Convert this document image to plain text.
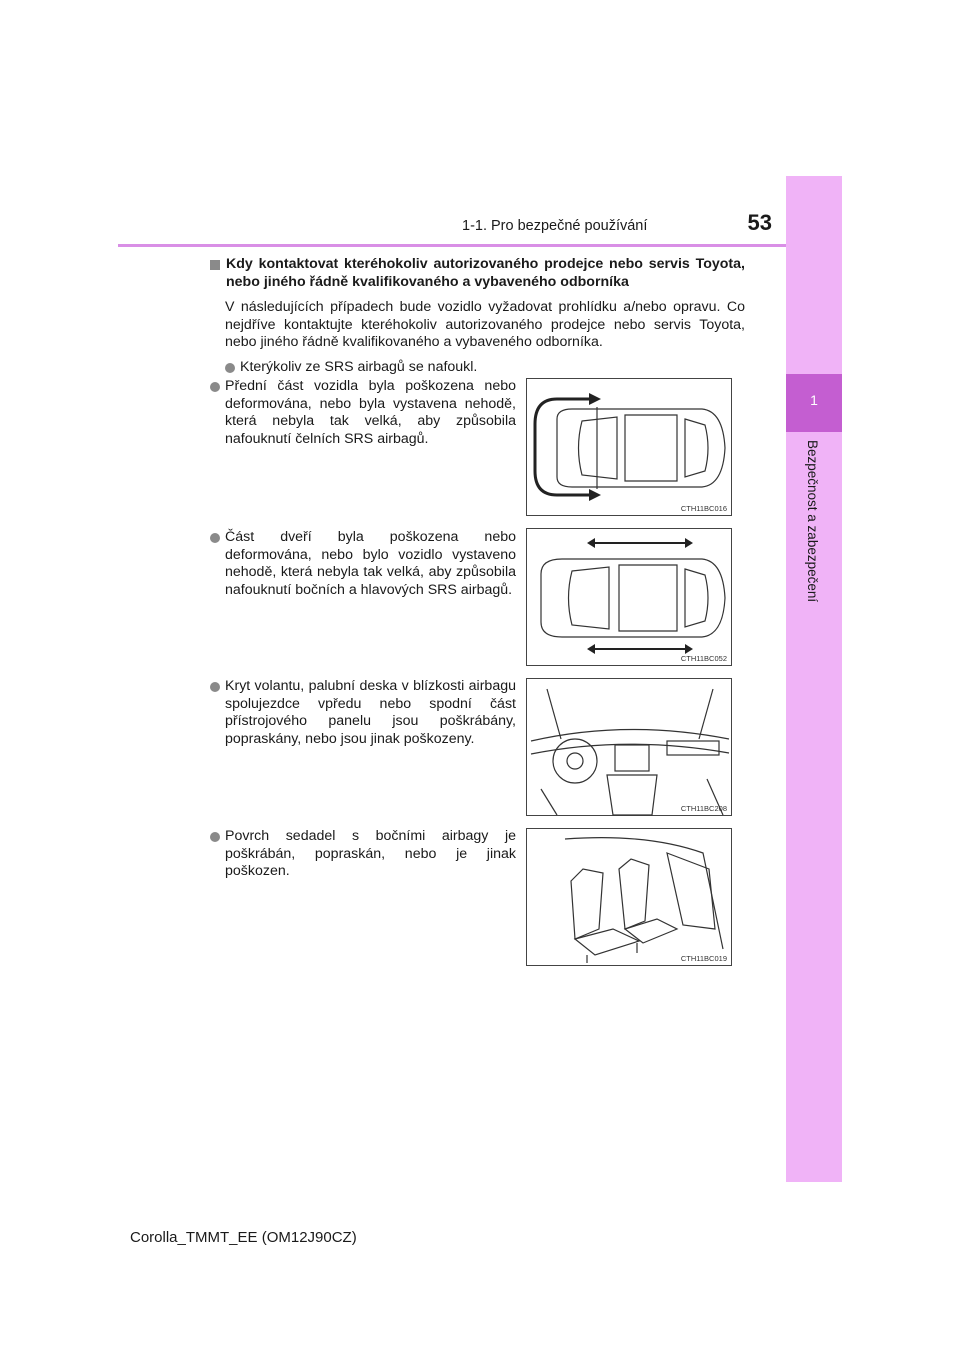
1-1. Pro bezpečné používání	53
1
Bezpečnost a zabezpečení
Kdy kontaktovat kteréhokoliv autorizovaného prodejce nebo servis Toyota, nebo jiného řádně kvalifikovaného a vybaveného odborníka
V následujících případech bude vozidlo vyžadovat prohlídku a/nebo opravu. Co nejdříve kontaktujte kteréhokoliv autorizovaného prodejce nebo servis Toyota, nebo jiného řádně kvalifikovaného a vybaveného odborníka.
Kterýkoliv ze SRS airbagů se nafoukl.
Přední část vozidla byla poškozena nebo deformována, nebo byla vystavena nehodě, která nebyla tak velká, aby způsobila nafouknutí čelních SRS airbagů.
CTH11BC016
Část dveří byla poškozena nebo deformována, nebo bylo vozidlo vystaveno nehodě, která nebyla tak velká, aby způsobila nafouknutí bočních a hlavových SRS airbagů.
CTH11BC052
Kryt volantu, palubní deska v blízkosti airbagu spolujezdce vpředu nebo spodní část přístrojového panelu jsou poškrábány, popraskány, nebo jsou jinak poškozeny.
CTH11BC208
Povrch sedadel s bočními airbagy je poškrábán, popraskán, nebo je jinak poškozen.
CTH11BC019
Corolla_TMMT_EE (OM12J90CZ)
